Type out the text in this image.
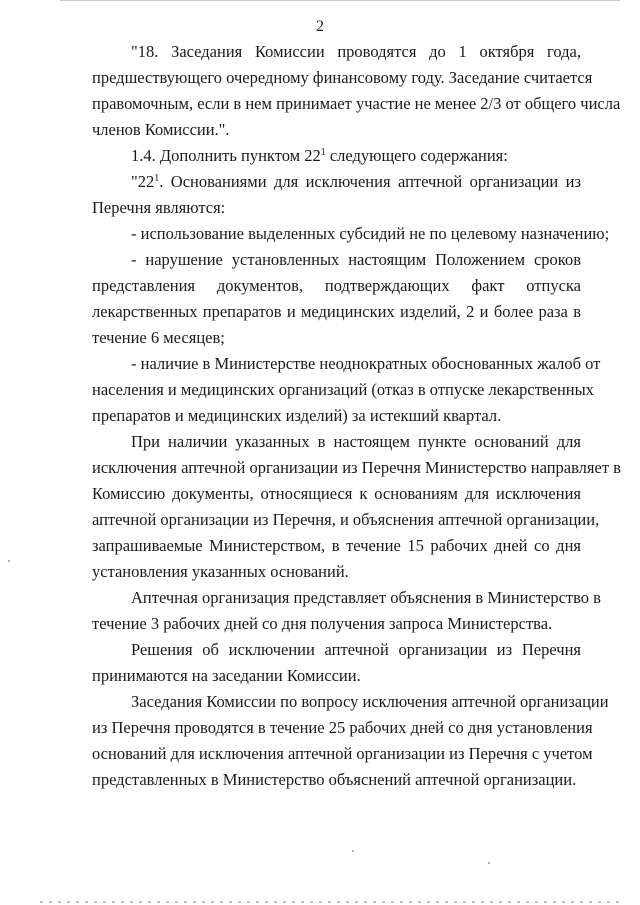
2
"18. Заседания Комиссии проводятся до 1 октября года,
предшествующего очередному финансовому году. Заседание считается
правомочным, если в нем принимает участие не менее 2/3 от общего числа
членов Комиссии.".
1.4. Дополнить пунктом $22^1$ следующего содержания:
"$22^1$. Основаниями для исключения аптечной организации из
Перечня являются:
- использование выделенных субсидий не по целевому назначению;
- нарушение установленных настоящим Положением сроков
представления документов, подтверждающих факт отпуска
лекарственных препаратов и медицинских изделий, 2 и более раза в
течение 6 месяцев;
- наличие в Министерстве неоднократных обоснованных жалоб от
населения и медицинских организаций (отказ в отпуске лекарственных
препаратов и медицинских изделий) за истекший квартал.
При наличии указанных в настоящем пункте оснований для
исключения аптечной организации из Перечня Министерство направляет в
Комиссию документы, относящиеся к основаниям для исключения
аптечной организации из Перечня, и объяснения аптечной организации,
запрашиваемые Министерством, в течение 15 рабочих дней со дня
установления указанных оснований.
Аптечная организация представляет объяснения в Министерство в
течение 3 рабочих дней со дня получения запроса Министерства.
Решения об исключении аптечной организации из Перечня
принимаются на заседании Комиссии.
Заседания Комиссии по вопросу исключения аптечной организации
из Перечня проводятся в течение 25 рабочих дней со дня установления
оснований для исключения аптечной организации из Перечня с учетом
представленных в Министерство объяснений аптечной организации.
